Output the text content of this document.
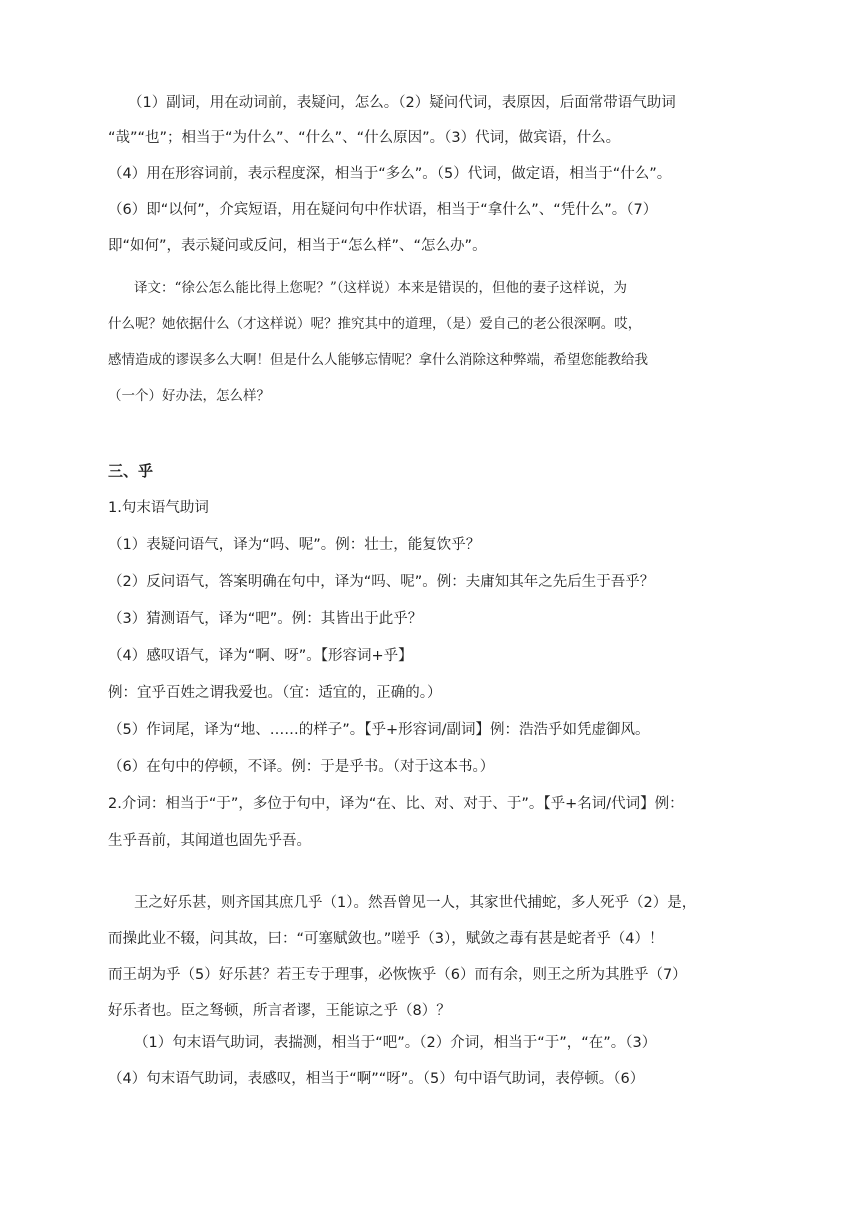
（1）副词，用在动词前，表疑问，怎么。（2）疑问代词，表原因，后面常带语气助词
“哉”“也”；相当于“为什么”、“什么”、“什么原因”。（3）代词，做宾语，什么。
（4）用在形容词前，表示程度深，相当于“多么”。（5）代词，做定语，相当于“什么”。
（6）即“以何”，介宾短语，用在疑问句中作状语，相当于“拿什么”、“凭什么”。（7）
即“如何”，表示疑问或反问，相当于“怎么样”、“怎么办”。
译文：“徐公怎么能比得上您呢？”（这样说）本来是错误的，但他的妻子这样说，为
什么呢？她依据什么（才这样说）呢？推究其中的道理，（是）爱自己的老公很深啊。哎，
感情造成的谬误多么大啊！但是什么人能够忘情呢？拿什么消除这种弊端，希望您能教给我
（一个）好办法，怎么样？
三、乎
1.句末语气助词
（1）表疑问语气，译为“吗、呢”。例：壮士，能复饮乎？
（2）反问语气，答案明确在句中，译为“吗、呢”。例：夫庸知其年之先后生于吾乎？
（3）猜测语气，译为“吧”。例：其皆出于此乎？
（4）感叹语气，译为“啊、呀”。【形容词+乎】
例：宜乎百姓之谓我爱也。（宜：适宜的，正确的。）
（5）作词尾，译为“地、……的样子”。【乎+形容词/副词】例：浩浩乎如凭虚御风。
（6）在句中的停顿，不译。例：于是乎书。（对于这本书。）
2.介词：相当于“于”，多位于句中，译为“在、比、对、对于、于”。【乎+名词/代词】例：
生乎吾前，其闻道也固先乎吾。
王之好乐甚，则齐国其庶几乎（1）。然吾曾见一人，其家世代捕蛇，多人死乎（2）是，
而操此业不辍，问其故，曰：“可塞赋敛也。”嗟乎（3），赋敛之毒有甚是蛇者乎（4）！
而王胡为乎（5）好乐甚？若王专于理事，必恢恢乎（6）而有余，则王之所为其胜乎（7）
好乐者也。臣之驽顿，所言者谬，王能谅之乎（8）？
（1）句末语气助词，表揣测，相当于“吧”。（2）介词，相当于“于”，“在”。（3）
（4）句末语气助词，表感叹，相当于“啊”“呀”。（5）句中语气助词，表停顿。（6）
